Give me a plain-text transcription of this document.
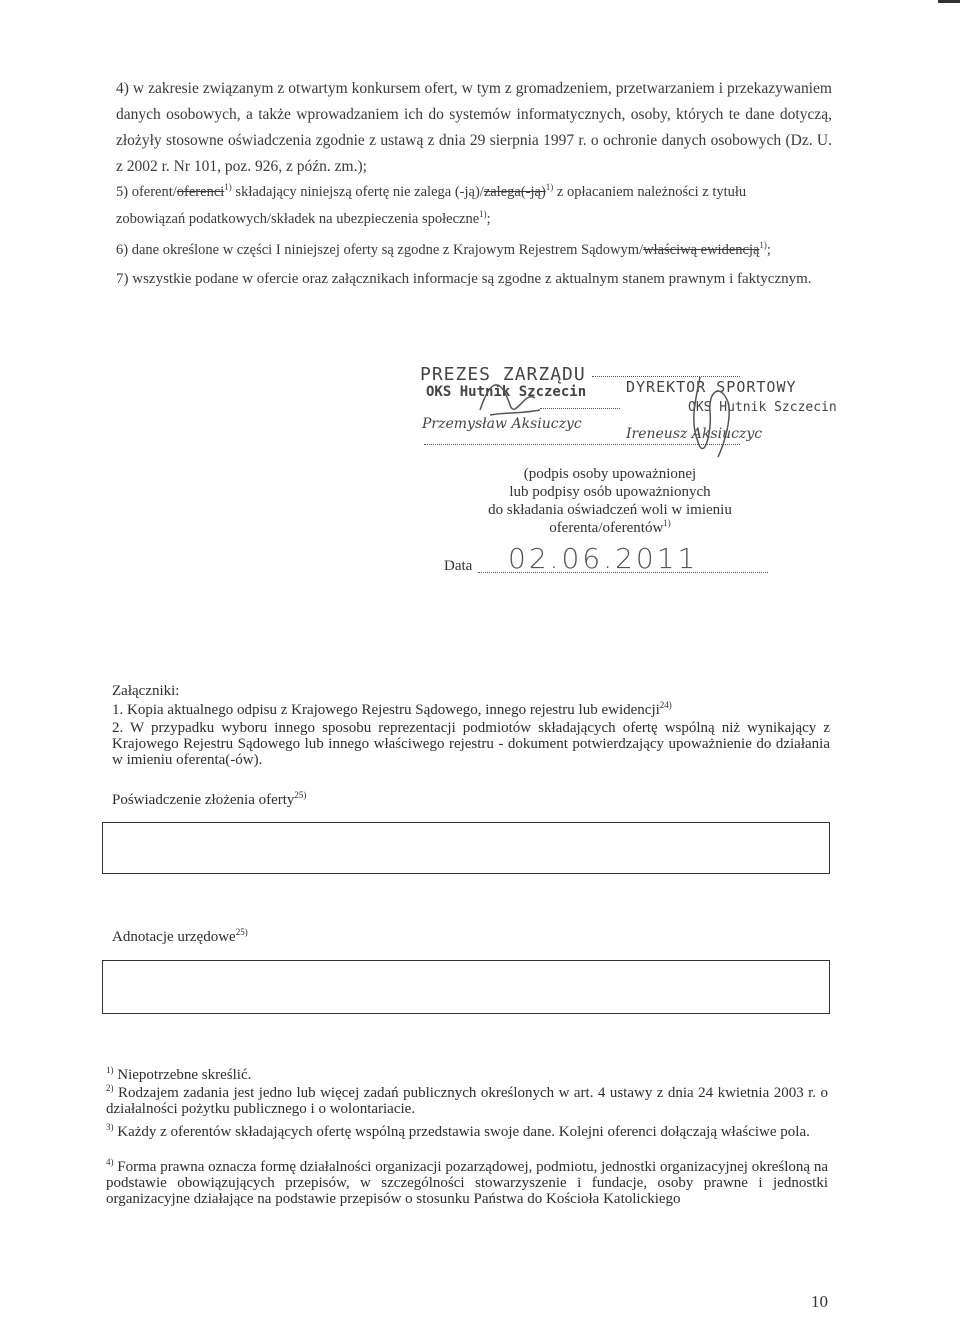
4) w zakresie związanym z otwartym konkursem ofert, w tym z gromadzeniem, przetwarzaniem i przekazywaniem danych osobowych, a także wprowadzaniem ich do systemów informatycznych, osoby, których te dane dotyczą, złożyły stosowne oświadczenia zgodnie z ustawą z dnia 29 sierpnia 1997 r. o ochronie danych osobowych (Dz. U. z 2002 r. Nr 101, poz. 926, z późn. zm.);
5) oferent/oferenci$^{1)}$ składający niniejszą ofertę nie zalega (-ją)/zalega(-ją)$^{1)}$ z opłacaniem należności z tytułu
zobowiązań podatkowych/składek na ubezpieczenia społeczne$^{1)}$;
6) dane określone w części I niniejszej oferty są zgodne z Krajowym Rejestrem Sądowym/właściwą ewidencją$^{1)}$;
7) wszystkie podane w ofercie oraz załącznikach informacje są zgodne z aktualnym stanem prawnym i faktycznym.
PREZES ZARZĄDU
OKS Hutnik Szczecin
Przemysław Aksiuczyc
DYREKTOR SPORTOWY
OKS Hutnik Szczecin
Ireneusz Aksiuczyc
(podpis osoby upoważnionej
lub podpisy osób upoważnionych
do składania oświadczeń woli w imieniu
oferenta/oferentów$^{1)}$
Data 02.06.2011
Załączniki:
1. Kopia aktualnego odpisu z Krajowego Rejestru Sądowego, innego rejestru lub ewidencji$^{24)}$
2. W przypadku wyboru innego sposobu reprezentacji podmiotów składających ofertę wspólną niż wynikający z Krajowego Rejestru Sądowego lub innego właściwego rejestru - dokument potwierdzający upoważnienie do działania w imieniu oferenta(-ów).
Poświadczenie złożenia oferty$^{25)}$
Adnotacje urzędowe$^{25)}$
$^{1)}$ Niepotrzebne skreślić.
$^{2)}$ Rodzajem zadania jest jedno lub więcej zadań publicznych określonych w art. 4 ustawy z dnia 24 kwietnia 2003 r. o działalności pożytku publicznego i o wolontariacie.
$^{3)}$ Każdy z oferentów składających ofertę wspólną przedstawia swoje dane. Kolejni oferenci dołączają właściwe pola.
$^{4)}$ Forma prawna oznacza formę działalności organizacji pozarządowej, podmiotu, jednostki organizacyjnej określoną na podstawie obowiązujących przepisów, w szczególności stowarzyszenie i fundacje, osoby prawne i jednostki organizacyjne działające na podstawie przepisów o stosunku Państwa do Kościoła Katolickiego
10
